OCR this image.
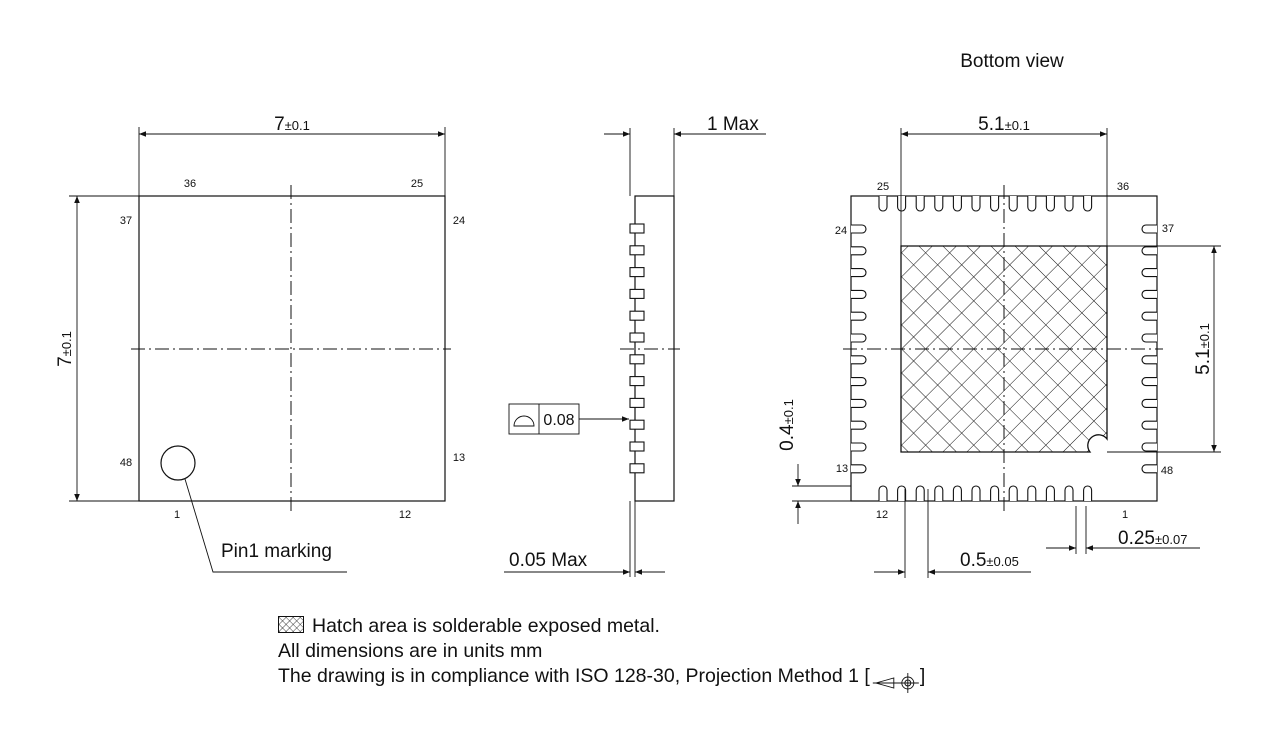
7±0.1
7±0.1
36	25
37	24
48	13
1	12
Pin1 marking
1 Max
0.05 Max
0.08
Bottom view
5.1±0.1
5.1±0.1
0.4±0.1
0.5±0.05
0.25±0.07
25	36
24	37
13	48
12	1
Hatch area is solderable exposed metal.
All dimensions are in units mm
The drawing is in compliance with ISO 128-30, Projection Method 1 [	]
